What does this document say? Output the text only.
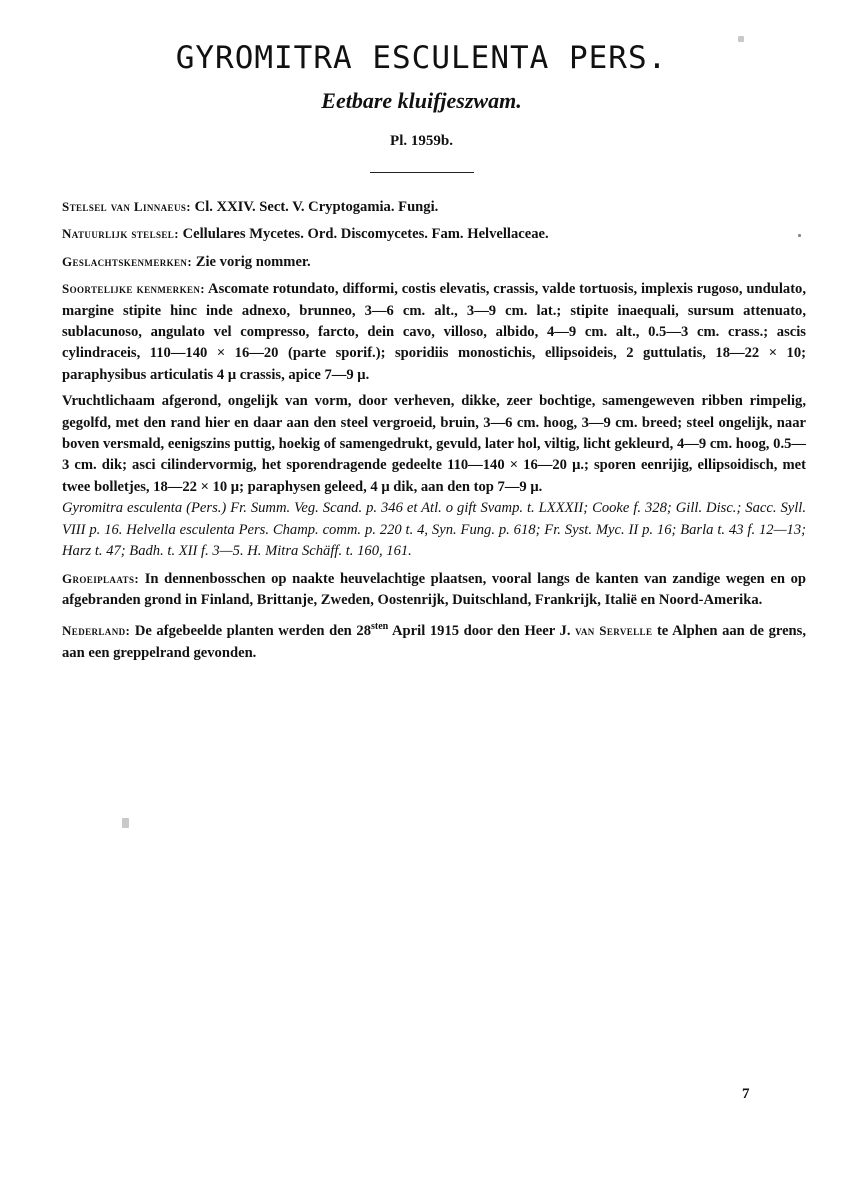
GYROMITRA ESCULENTA PERS.
Eetbare kluifjeszwam.
Pl. 1959b.

Stelsel van Linnaeus: Cl. XXIV. Sect. V. Cryptogamia. Fungi.

Natuurlijk stelsel: Cellulares Mycetes. Ord. Discomycetes. Fam. Helvellaceae.

Geslachtskenmerken: Zie vorig nommer.

Soortelijke kenmerken: Ascomate rotundato, difformi, costis elevatis, crassis, valde tortuosis, implexis rugoso, undulato, margine stipite hinc inde adnexo, brunneo, 3—6 cm. alt., 3—9 cm. lat.; stipite inaequali, sursum attenuato, sublacunoso, angulato vel compresso, farcto, dein cavo, villoso, albido, 4—9 cm. alt., 0.5—3 cm. crass.; ascis cylindraceis, 110—140 × 16—20 (parte sporif.); sporidiis monostichis, ellipsoideis, 2 guttulatis, 18—22 × 10; paraphysibus articulatis 4 μ crassis, apice 7—9 μ.

Vruchtlichaam afgerond, ongelijk van vorm, door verheven, dikke, zeer bochtige, samengeweven ribben rimpelig, gegolfd, met den rand hier en daar aan den steel vergroeid, bruin, 3—6 cm. hoog, 3—9 cm. breed; steel ongelijk, naar boven versmald, eenigszins puttig, hoekig of samengedrukt, gevuld, later hol, viltig, licht gekleurd, 4—9 cm. hoog, 0.5—3 cm. dik; asci cilindervormig, het sporendragende gedeelte 110—140 × 16—20 μ.; sporen eenrijig, ellipsoidisch, met twee bolletjes, 18—22 × 10 μ; paraphysen geleed, 4 μ dik, aan den top 7—9 μ.

Gyromitra esculenta (Pers.) Fr. Summ. Veg. Scand. p. 346 et Atl. o gift Svamp. t. LXXXII; Cooke f. 328; Gill. Disc.; Sacc. Syll. VIII p. 16. Helvella esculenta Pers. Champ. comm. p. 220 t. 4, Syn. Fung. p. 618; Fr. Syst. Myc. II p. 16; Barla t. 43 f. 12—13; Harz t. 47; Badh. t. XII f. 3—5. H. Mitra Schäff. t. 160, 161.

Groeiplaats: In dennenbosschen op naakte heuvelachtige plaatsen, vooral langs de kanten van zandige wegen en op afgebranden grond in Finland, Brittanje, Zweden, Oostenrijk, Duitschland, Frankrijk, Italië en Noord-Amerika.

Nederland: De afgebeelde planten werden den $28^{sten}$ April 1915 door den Heer J. van Servelle te Alphen aan de grens, aan een greppelrand gevonden.

7
